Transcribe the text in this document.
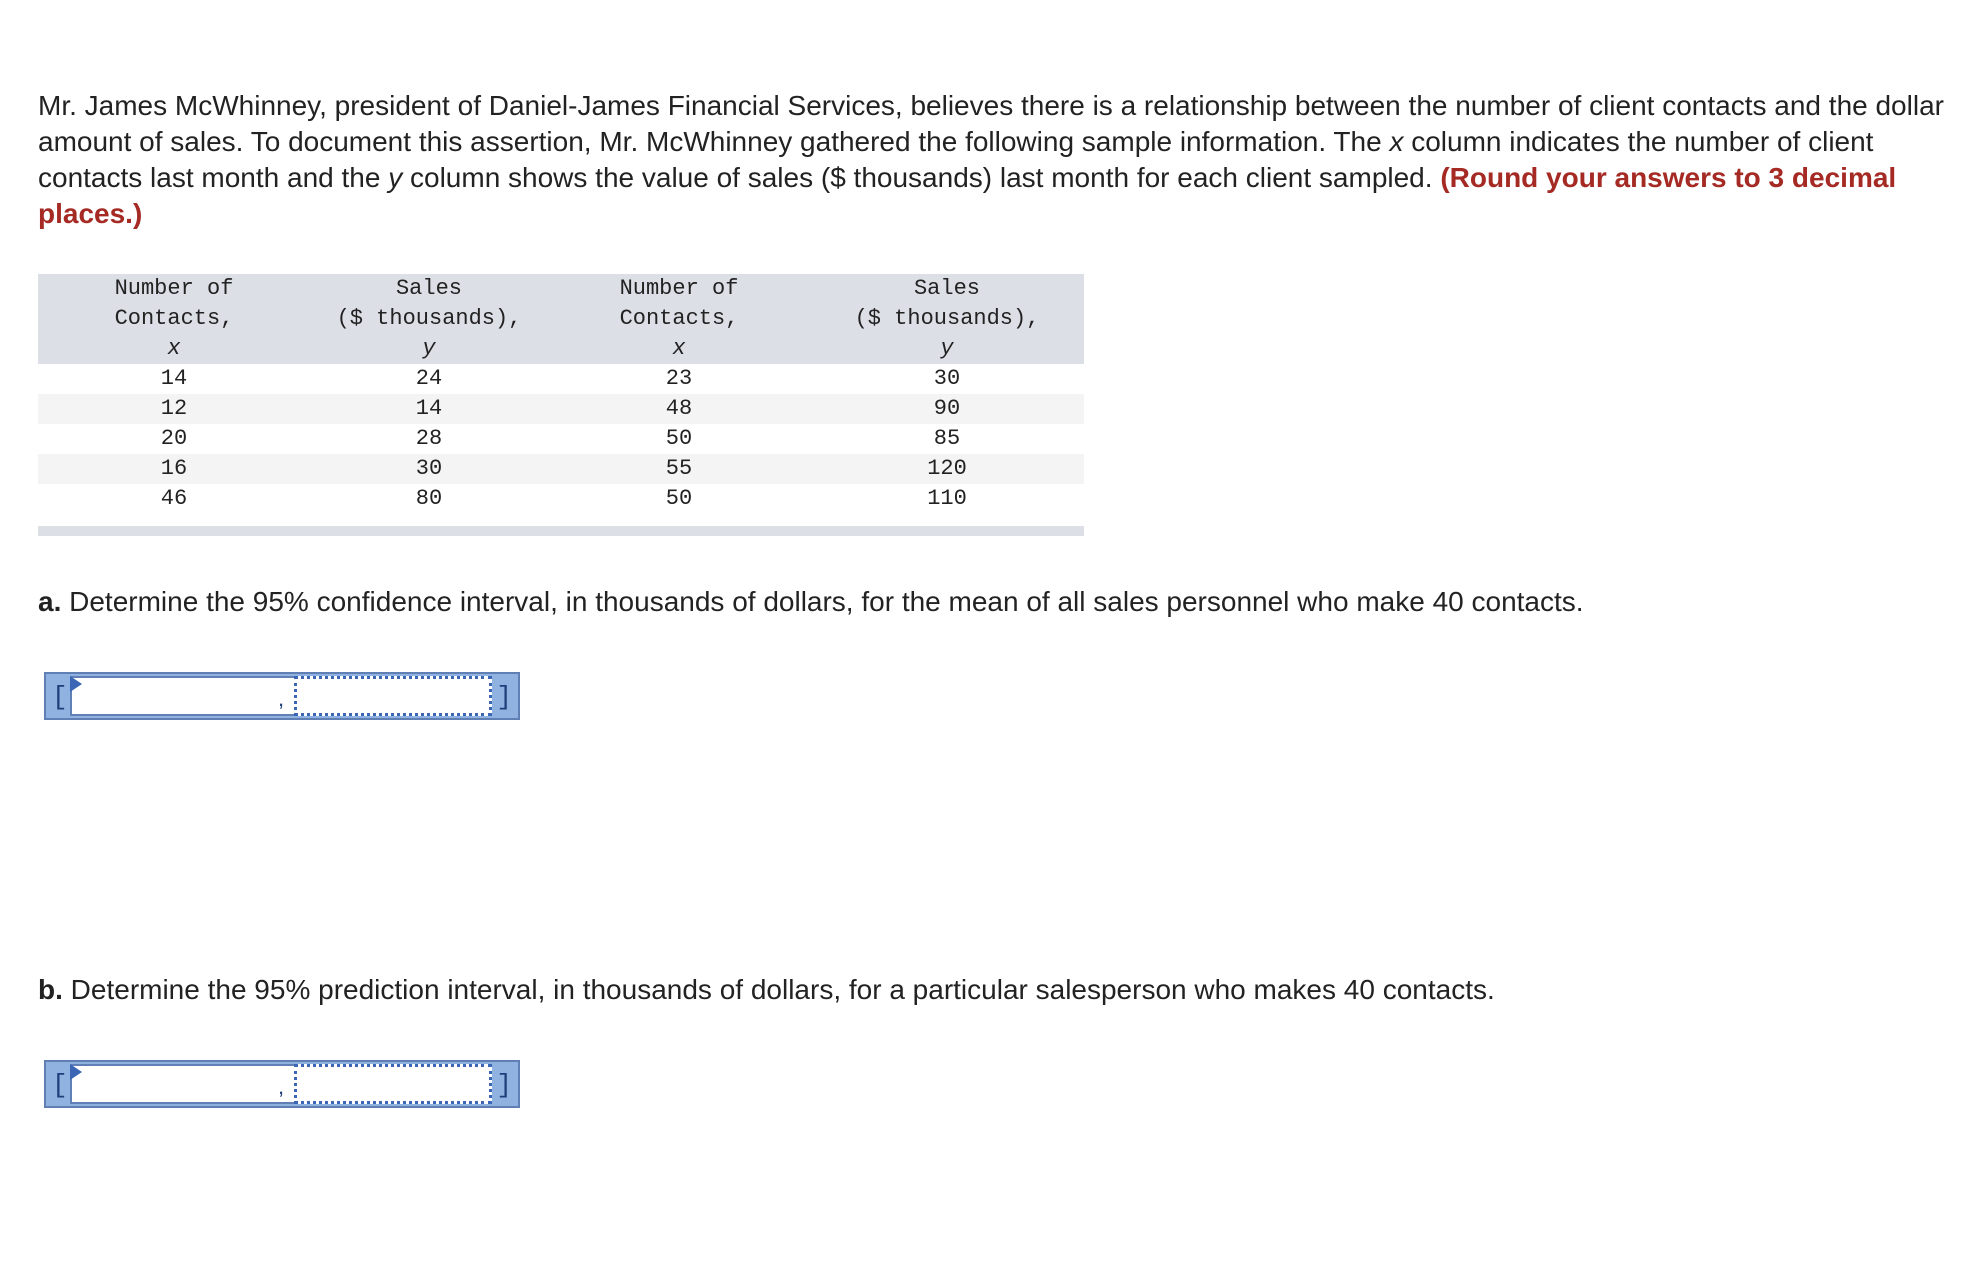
Mr. James McWhinney, president of Daniel-James Financial Services, believes there is a relationship between the number of client contacts and the dollar amount of sales. To document this assertion, Mr. McWhinney gathered the following sample information. The x column indicates the number of client contacts last month and the y column shows the value of sales ($ thousands) last month for each client sampled. (Round your answers to 3 decimal places.)

Number of
Contacts,
x	Sales
($ thousands),
y	Number of
Contacts,
x	Sales
($ thousands),
y

14	24	23	30
12	14	48	90
20	28	50	85
16	30	55	120
46	80	50	110

a. Determine the 95% confidence interval, in thousands of dollars, for the mean of all sales personnel who make 40 contacts.

[	,	]

b. Determine the 95% prediction interval, in thousands of dollars, for a particular salesperson who makes 40 contacts.

[	,	]
